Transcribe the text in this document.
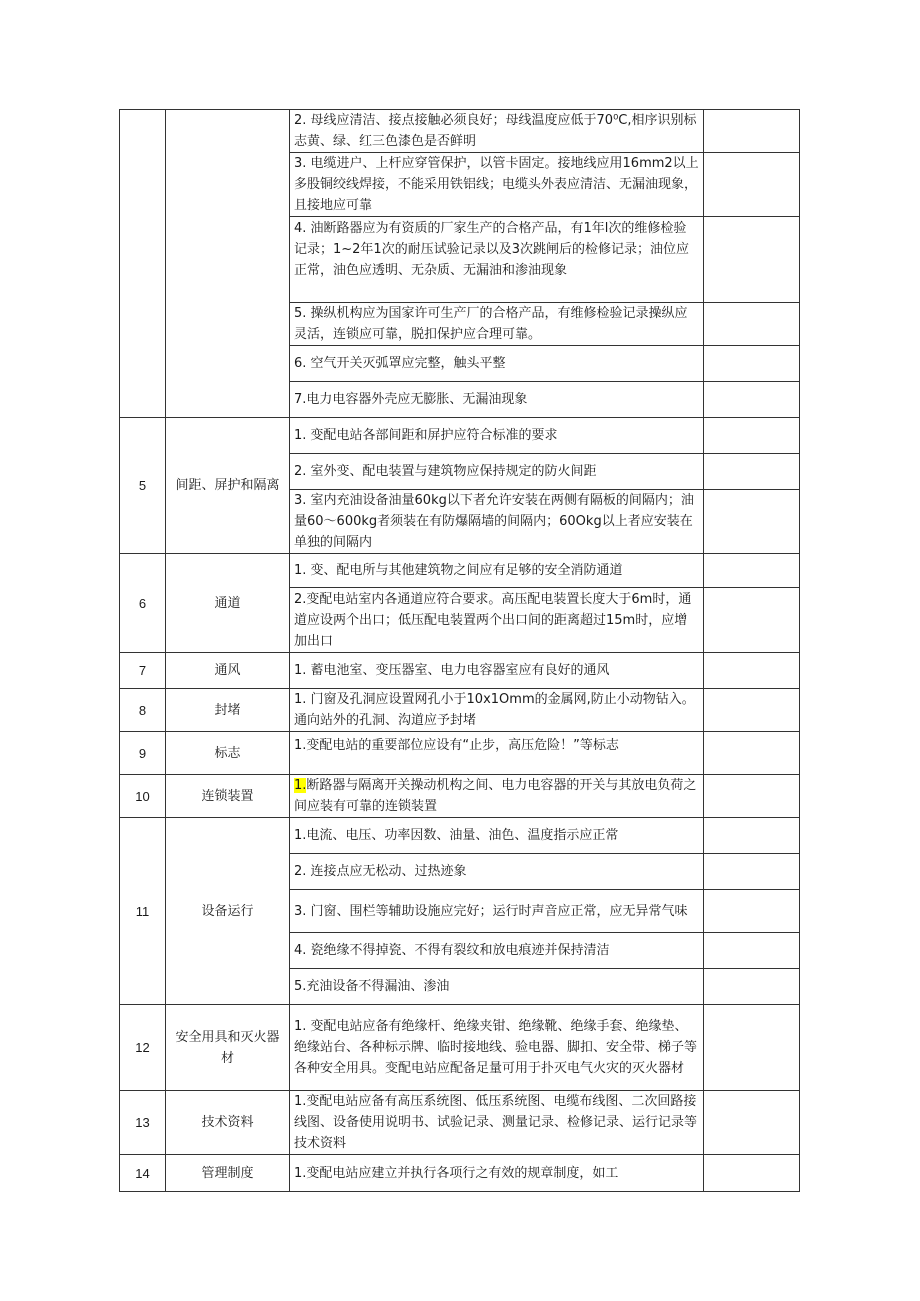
		2. 母线应清洁、接点接触必须良好；母线温度应低于70⁰C,相序识别标志黄、绿、红三色漆色是否鲜明	
		3. 电缆进户、上杆应穿管保护，以管卡固定。接地线应用16mm2以上多股铜绞线焊接，不能采用铁铝线；电缆头外表应清洁、无漏油现象，且接地应可靠	
		4. 油断路器应为有资质的厂家生产的合格产品，有1年l次的维修检验记录；1~2年1次的耐压试验记录以及3次跳闸后的检修记录；油位应正常，油色应透明、无杂质、无漏油和渗油现象	
		5. 操纵机构应为国家许可生产厂的合格产品，有维修检验记录操纵应灵活，连锁应可靠，脱扣保护应合理可靠。	
		6. 空气开关灭弧罩应完整，触头平整	
		7.电力电容器外壳应无膨胀、无漏油现象	
5	间距、屏护和隔离	1. 变配电站各部间距和屏护应符合标准的要求	
		2. 室外变、配电装置与建筑物应保持规定的防火间距	
		3. 室内充油设备油量60kg以下者允许安装在两侧有隔板的间隔内；油量60～600kg者须装在有防爆隔墙的间隔内；60Okg以上者应安装在单独的间隔内	
6	通道	1. 变、配电所与其他建筑物之间应有足够的安全消防通道	
		2.变配电站室内各通道应符合要求。高压配电装置长度大于6m时，通道应设两个出口；低压配电装置两个出口间的距离超过15m时，应增加出口	
7	通风	1. 蓄电池室、变压器室、电力电容器室应有良好的通风	
8	封堵	1. 门窗及孔洞应设置网孔小于10x1Omm的金属网,防止小动物钻入。通向站外的孔洞、沟道应予封堵	
9	标志	1.变配电站的重要部位应设有“止步，高压危险！”等标志	
10	连锁装置	1.断路器与隔离开关操动机构之间、电力电容器的开关与其放电负荷之间应装有可靠的连锁装置	
11	设备运行	1.电流、电压、功率因数、油量、油色、温度指示应正常	
		2. 连接点应无松动、过热迹象	
		3. 门窗、围栏等辅助设施应完好；运行时声音应正常，应无异常气味	
		4. 瓷绝缘不得掉瓷、不得有裂纹和放电痕迹并保持清洁	
		5.充油设备不得漏油、渗油	
12	安全用具和灭火器材	1. 变配电站应备有绝缘杆、绝缘夹钳、绝缘靴、绝缘手套、绝缘垫、绝缘站台、各种标示牌、临时接地线、验电器、脚扣、安全带、梯子等各种安全用具。变配电站应配备足量可用于扑灭电气火灾的灭火器材	
13	技术资料	1.变配电站应备有高压系统图、低压系统图、电缆布线图、二次回路接线图、设备使用说明书、试验记录、测量记录、检修记录、运行记录等技术资料	
14	管理制度	1.变配电站应建立并执行各项行之有效的规章制度，如工	
